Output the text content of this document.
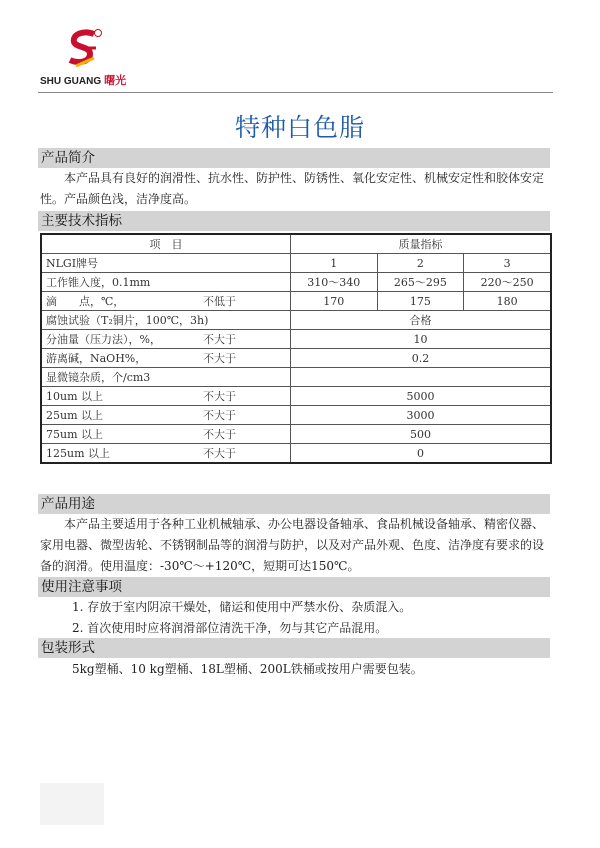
SHU GUANG 曙光
特种白色脂
产品简介
本产品具有良好的润滑性、抗水性、防护性、防锈性、氧化安定性、机械安定性和胶体安定性。产品颜色浅，洁净度高。
主要技术指标
项　目	质量指标		
NLGI牌号	1	2	3
工作锥入度，0.1mm	310～340	265～295	220～250
滴　　点，℃， 不低于	170	175	180
腐蚀试验（T₂铜片，100℃，3h)	合格		
分油量（压力法），%， 不大于	10		
游离碱，NaOH%， 不大于	0.2		
显微镜杂质，个/cm3			
10um 以上 不大于	5000		
25um 以上 不大于	3000		
75um 以上 不大于	500		
125um 以上 不大于	0		
产品用途
本产品主要适用于各种工业机械轴承、办公电器设备轴承、食品机械设备轴承、精密仪器、家用电器、微型齿轮、不锈钢制品等的润滑与防护，以及对产品外观、色度、洁净度有要求的设备的润滑。使用温度：-30℃～+120℃，短期可达150℃。
使用注意事项
1. 存放于室内阴凉干燥处，储运和使用中严禁水份、杂质混入。
2. 首次使用时应将润滑部位清洗干净，勿与其它产品混用。
包装形式
5kg塑桶、10 kg塑桶、18L塑桶、200L铁桶或按用户需要包装。
